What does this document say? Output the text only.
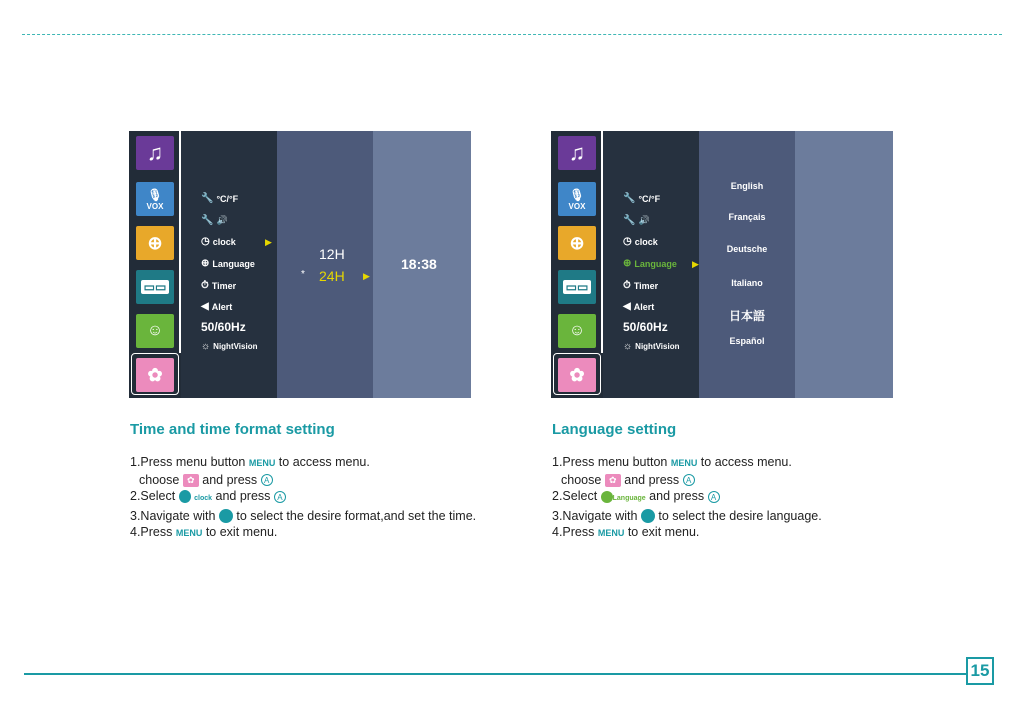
♫
🎙
VOX
⊕
▭▭
☺
✿
🔧 °C/°F
🔧 🔊
◷ clock	▶
⊕ Language
⏱ Timer
◀ Alert
50/60Hz
☼ NightVision
12H
* 24H ▶
18:38
♫
🎙
VOX
⊕
▭▭
☺
✿
🔧 °C/°F
🔧 🔊
◷ clock
⊕ Language ▶
⏱ Timer
◀ Alert
50/60Hz
☼ NightVision
English
Français
Deutsche
Italiano
日本語
Español
Time and time format setting
1.Press menu button MENU to access menu.
choose ✿ and press A
2.Select  clock and press A
3.Navigate with  to select the desire format,and set the time.
4.Press MENU to exit menu.
Language setting
1.Press menu button MENU to access menu.
choose ✿ and press A
2.Select Language and press A
3.Navigate with  to select the desire language.
4.Press MENU to exit menu.
15
